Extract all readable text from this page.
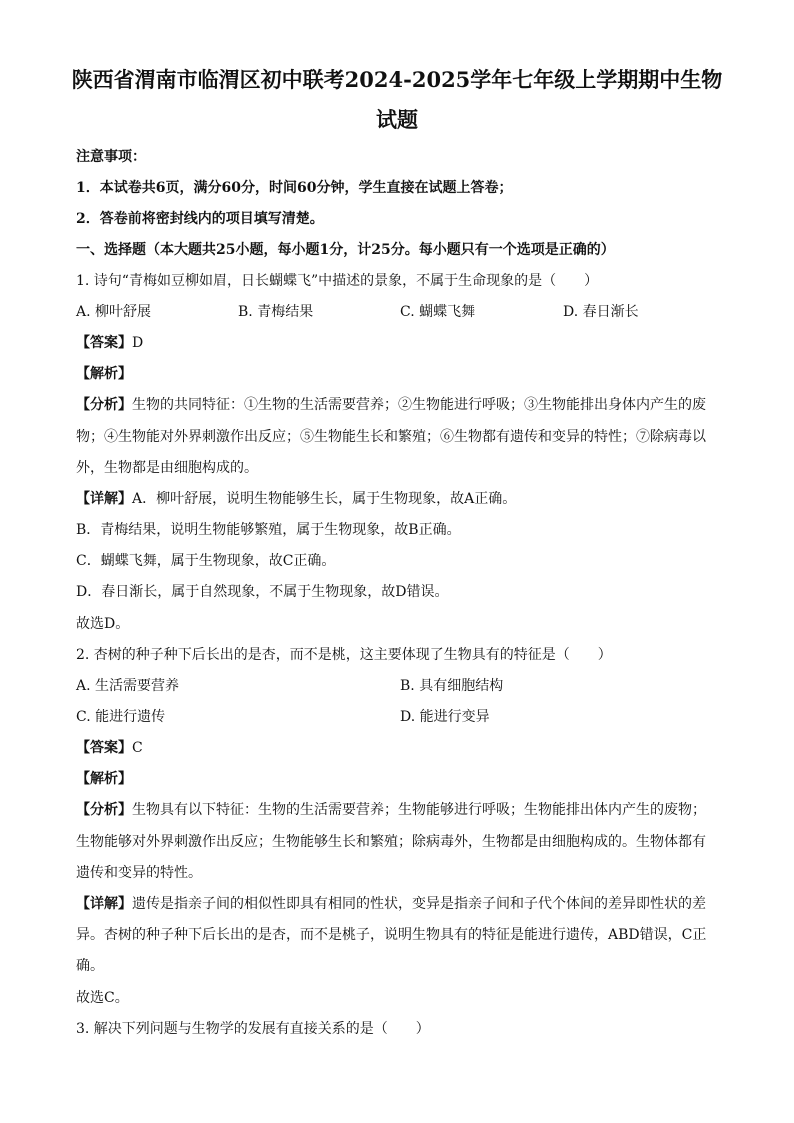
陕西省渭南市临渭区初中联考2024-2025学年七年级上学期期中生物
试题
注意事项：
1．本试卷共6页，满分60分，时间60分钟，学生直接在试题上答卷；
2．答卷前将密封线内的项目填写清楚。
一、选择题（本大题共25小题，每小题1分，计25分。每小题只有一个选项是正确的）
1. 诗句“青梅如豆柳如眉，日长蝴蝶飞”中描述的景象，不属于生命现象的是（　　）
A. 柳叶舒展	B. 青梅结果	C. 蝴蝶飞舞	D. 春日渐长
【答案】D
【解析】
【分析】生物的共同特征：①生物的生活需要营养；②生物能进行呼吸；③生物能排出身体内产生的废
物；④生物能对外界刺激作出反应；⑤生物能生长和繁殖；⑥生物都有遗传和变异的特性；⑦除病毒以
外，生物都是由细胞构成的。
【详解】A．柳叶舒展，说明生物能够生长，属于生物现象，故A正确。
B．青梅结果，说明生物能够繁殖，属于生物现象，故B正确。
C．蝴蝶飞舞，属于生物现象，故C正确。
D．春日渐长，属于自然现象，不属于生物现象，故D错误。
故选D。
2. 杏树的种子种下后长出的是杏，而不是桃，这主要体现了生物具有的特征是（　　）
A. 生活需要营养	B. 具有细胞结构
C. 能进行遗传	D. 能进行变异
【答案】C
【解析】
【分析】生物具有以下特征：生物的生活需要营养；生物能够进行呼吸；生物能排出体内产生的废物；
生物能够对外界刺激作出反应；生物能够生长和繁殖；除病毒外，生物都是由细胞构成的。生物体都有
遗传和变异的特性。
【详解】遗传是指亲子间的相似性即具有相同的性状，变异是指亲子间和子代个体间的差异即性状的差
异。杏树的种子种下后长出的是杏，而不是桃子，说明生物具有的特征是能进行遗传，ABD错误，C正
确。
故选C。
3. 解决下列问题与生物学的发展有直接关系的是（　　）
